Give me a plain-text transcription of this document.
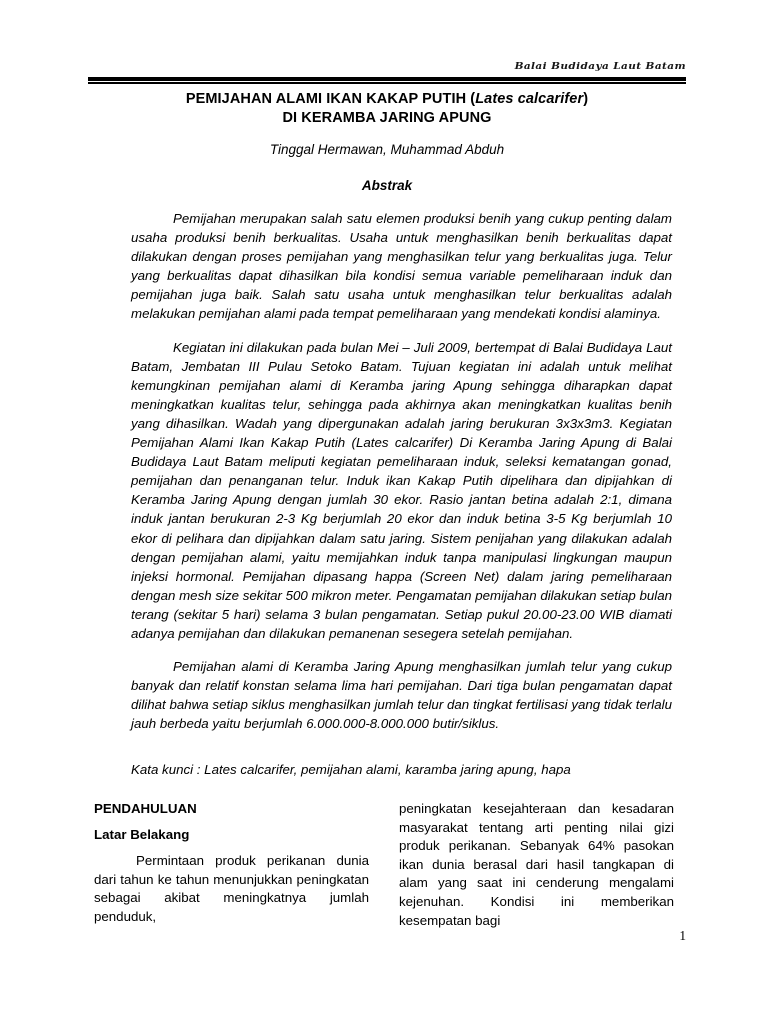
Balai Budidaya Laut Batam
PEMIJAHAN ALAMI IKAN KAKAP PUTIH (Lates calcarifer)
DI KERAMBA JARING APUNG
Tinggal Hermawan, Muhammad Abduh
Abstrak

Pemijahan merupakan salah satu elemen produksi benih yang cukup penting dalam usaha produksi benih berkualitas. Usaha untuk menghasilkan benih berkualitas dapat dilakukan dengan proses pemijahan yang menghasilkan telur yang berkualitas juga. Telur yang berkualitas dapat dihasilkan bila kondisi semua variable pemeliharaan induk dan pemijahan juga baik. Salah satu usaha untuk menghasilkan telur berkualitas adalah melakukan pemijahan alami pada tempat pemeliharaan yang mendekati kondisi alaminya.

Kegiatan ini dilakukan pada bulan Mei – Juli 2009, bertempat di Balai Budidaya Laut Batam, Jembatan III Pulau Setoko Batam. Tujuan kegiatan ini adalah untuk melihat kemungkinan pemijahan alami di Keramba jaring Apung sehingga diharapkan dapat meningkatkan kualitas telur, sehingga pada akhirnya akan meningkatkan kualitas benih yang dihasilkan. Wadah yang dipergunakan adalah jaring berukuran 3x3x3m3. Kegiatan Pemijahan Alami Ikan Kakap Putih (Lates calcarifer) Di Keramba Jaring Apung di Balai Budidaya Laut Batam meliputi kegiatan pemeliharaan induk, seleksi kematangan gonad, pemijahan dan penanganan telur. Induk ikan Kakap Putih dipelihara dan dipijahkan di Keramba Jaring Apung dengan jumlah 30 ekor. Rasio jantan betina adalah 2:1, dimana induk jantan berukuran 2-3 Kg berjumlah 20 ekor dan induk betina 3-5 Kg berjumlah 10 ekor di pelihara dan dipijahkan dalam satu jaring. Sistem penijahan yang dilakukan adalah dengan pemijahan alami, yaitu memijahkan induk tanpa manipulasi lingkungan maupun injeksi hormonal. Pemijahan dipasang happa (Screen Net) dalam jaring pemeliharaan dengan mesh size sekitar 500 mikron meter. Pengamatan pemijahan dilakukan setiap bulan terang (sekitar 5 hari) selama 3 bulan pengamatan. Setiap pukul 20.00-23.00 WIB diamati adanya pemijahan dan dilakukan pemanenan sesegera setelah pemijahan.

Pemijahan alami di Keramba Jaring Apung menghasilkan jumlah telur yang cukup banyak dan relatif konstan selama lima hari pemijahan. Dari tiga bulan pengamatan dapat dilihat bahwa setiap siklus menghasilkan jumlah telur dan tingkat fertilisasi yang tidak terlalu jauh berbeda yaitu berjumlah 6.000.000-8.000.000 butir/siklus.

Kata kunci : Lates calcarifer, pemijahan alami, karamba jaring apung, hapa
PENDAHULUAN
Latar Belakang

Permintaan produk perikanan dunia dari tahun ke tahun menunjukkan peningkatan sebagai akibat meningkatnya jumlah penduduk,

peningkatan kesejahteraan dan kesadaran masyarakat tentang arti penting nilai gizi produk perikanan. Sebanyak 64% pasokan ikan dunia berasal dari hasil tangkapan di alam yang saat ini cenderung mengalami kejenuhan. Kondisi ini memberikan kesempatan bagi

1
